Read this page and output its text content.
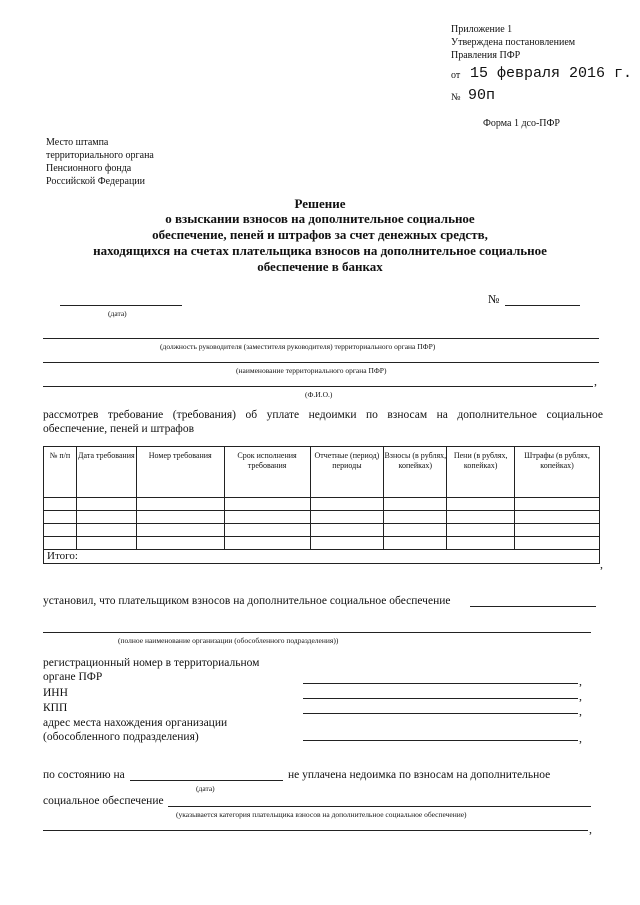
Приложение 1
Утверждена постановлением
Правления ПФР
от 15 февраля 2016 г.
№ 90п
Форма 1 дсо-ПФР
Место штампа
территориального органа
Пенсионного фонда
Российской Федерации
Решение
о взыскании взносов на дополнительное социальное
обеспечение, пеней и штрафов за счет денежных средств,
находящихся на счетах плательщика взносов на дополнительное социальное
обеспечение в банках
(дата)
№
(должность руководителя (заместителя руководителя) территориального органа ПФР)
(наименование территориального органа ПФР)
,
(Ф.И.О.)
рассмотрев требование (требования) об уплате недоимки по взносам на дополнительное социальное
обеспечение, пеней и штрафов
№ п/п	Дата требования	Номер требования	Срок исполнения требования	Отчетные (период) периоды	Взносы (в рублях, копейках)	Пени (в рублях, копейках)	Штрафы (в рублях, копейках)

Итого:							
,
установил, что плательщиком взносов на дополнительное социальное обеспечение
(полное наименование организации (обособленного подразделения))
регистрационный номер в территориальном
органе ПФР	,
ИНН	,
КПП	,
адрес места нахождения организации
(обособленного подразделения)	,
по состоянию на
(дата)
не уплачена недоимка по взносам на дополнительное
социальное обеспечение
(указывается категория плательщика взносов на дополнительное социальное обеспечение)
,
